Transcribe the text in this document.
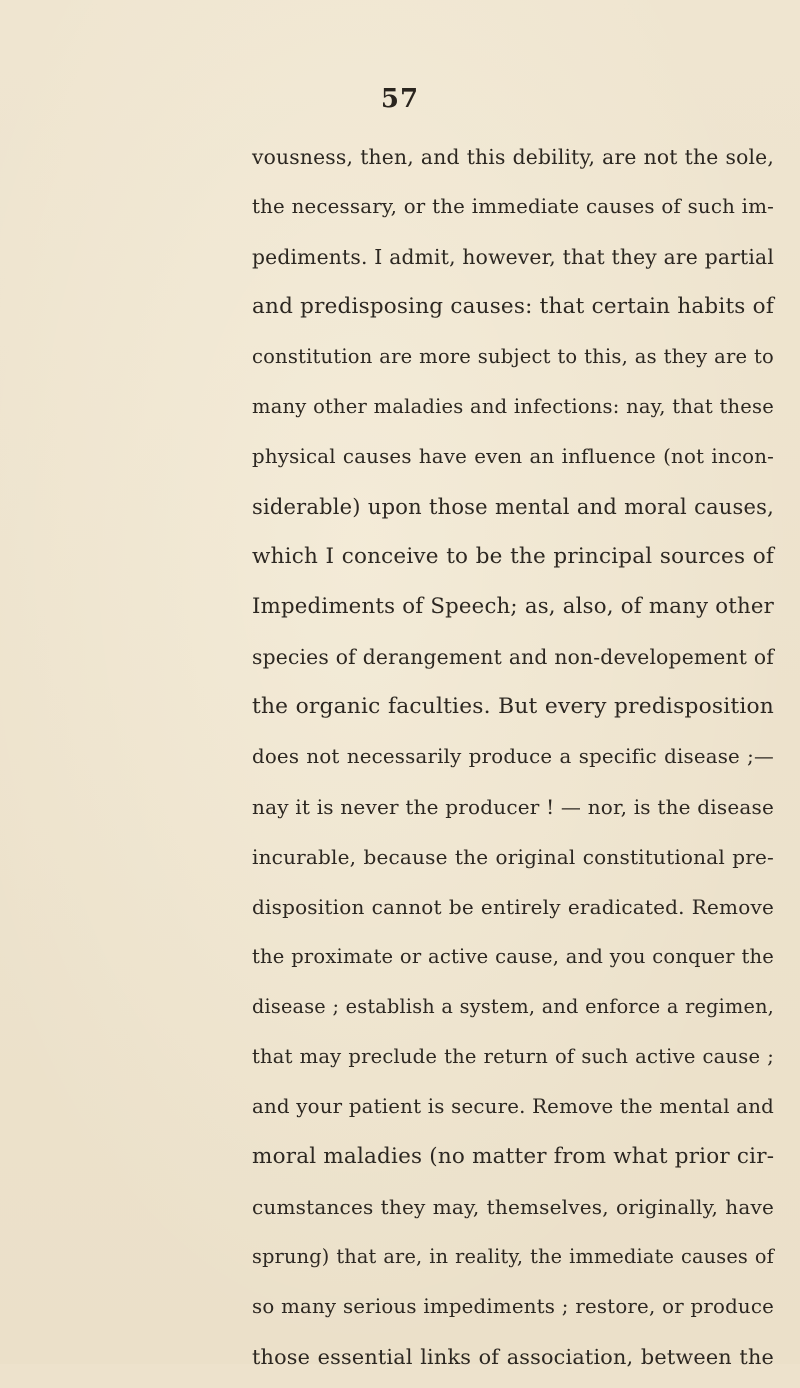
57
vousness, then, and this debility, are not the sole,
the necessary, or the immediate causes of such im-
pediments. I admit, however, that they are partial
and predisposing causes: that certain habits of
constitution are more subject to this, as they are to
many other maladies and infections: nay, that these
physical causes have even an influence (not incon-
siderable) upon those mental and moral causes,
which I conceive to be the principal sources of
Impediments of Speech; as, also, of many other
species of derangement and non-developement of
the organic faculties. But every predisposition
does not necessarily produce a specific disease ;—
nay it is never the producer ! — nor, is the disease
incurable, because the original constitutional pre-
disposition cannot be entirely eradicated. Remove
the proximate or active cause, and you conquer the
disease ; establish a system, and enforce a regimen,
that may preclude the return of such active cause ;
and your patient is secure. Remove the mental and
moral maladies (no matter from what prior cir-
cumstances they may, themselves, originally, have
sprung) that are, in reality, the immediate causes of
so many serious impediments ; restore, or produce
those essential links of association, between the
